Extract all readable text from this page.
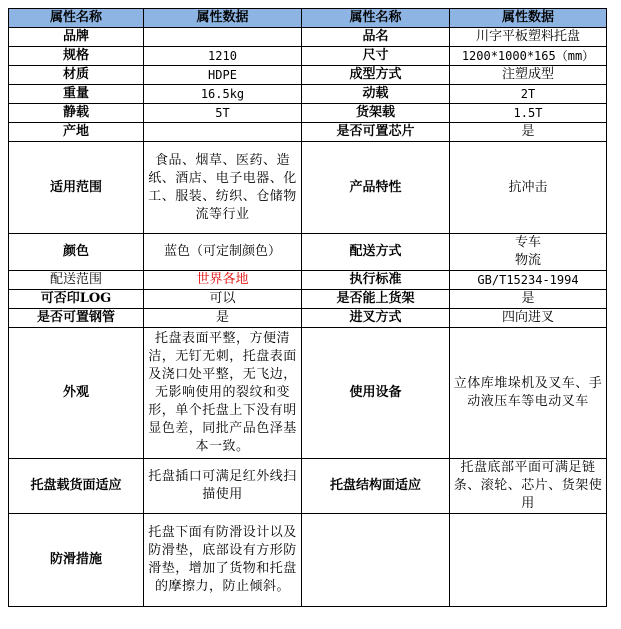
属性名称	属性数据	属性名称	属性数据
品牌		品名	川字平板塑料托盘
规格	1210	尺寸	1200*1000*165（mm）
材质	HDPE	成型方式	注塑成型
重量	16.5kg	动载	2T
静载	5T	货架载	1.5T
产地		是否可置芯片	是
适用范围	食品、烟草、医药、造纸、酒店、电子电器、化工、服装、纺织、仓储物流等行业	产品特性	抗冲击
颜色	蓝色（可定制颜色）	配送方式	专车
物流

配送范围	世界各地	执行标准	GB/T15234-1994
可否印LOG	可以	是否能上货架	是
是否可置钢管	是	进叉方式	四向进叉
外观	托盘表面平整，方便清洁，无钉无刺，托盘表面及浇口处平整，无飞边，无影响使用的裂纹和变形，单个托盘上下没有明显色差，同批产品色泽基本一致。	使用设备	立体库堆垛机及叉车、手动液压车等电动叉车
托盘载货面适应	托盘插口可满足红外线扫描使用	托盘结构面适应	托盘底部平面可满足链条、滚轮、芯片、货架使用
防滑措施	托盘下面有防滑设计以及防滑垫，底部设有方形防滑垫，增加了货物和托盘的摩擦力，防止倾斜。		
